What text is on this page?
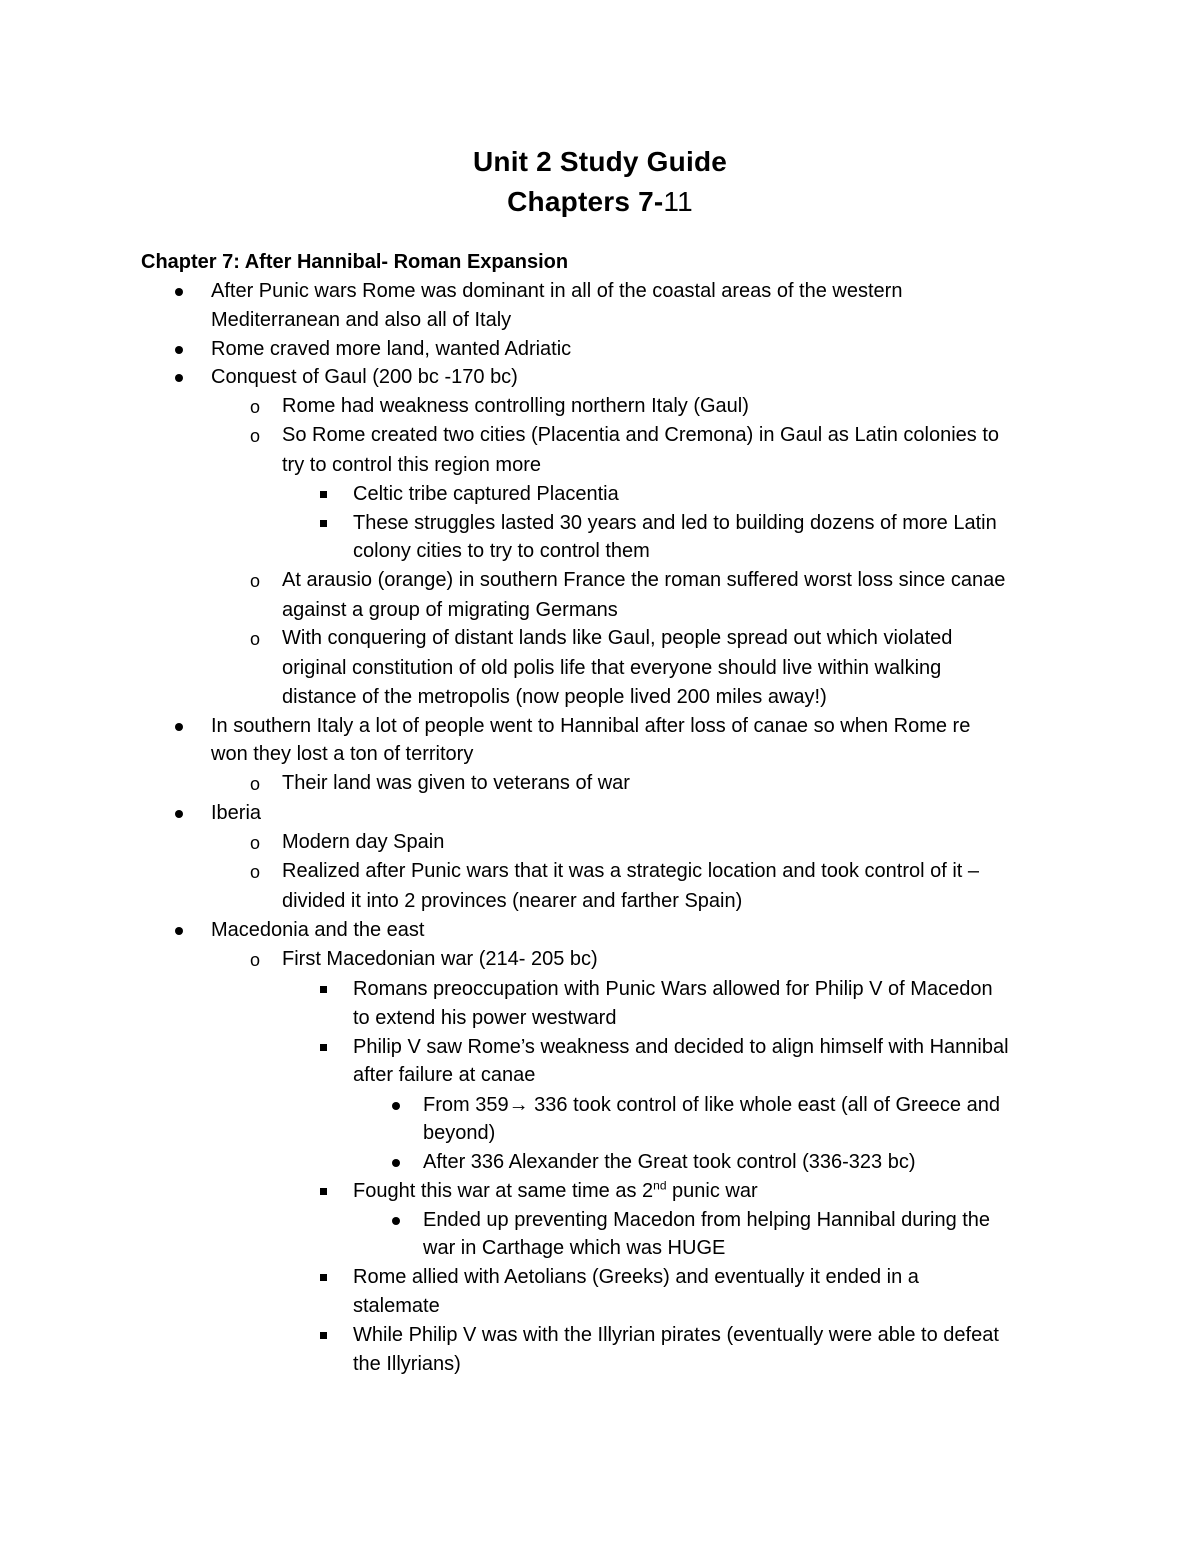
Unit 2 Study Guide
Chapters 7-11
Chapter 7: After Hannibal- Roman Expansion
After Punic wars Rome was dominant in all of the coastal areas of the western
Mediterranean and also all of Italy
Rome craved more land, wanted Adriatic
Conquest of Gaul (200 bc -170 bc)
o Rome had weakness controlling northern Italy (Gaul)
o So Rome created two cities (Placentia and Cremona) in Gaul as Latin colonies to
try to control this region more
Celtic tribe captured Placentia
These struggles lasted 30 years and led to building dozens of more Latin
colony cities to try to control them
o At arausio (orange) in southern France the roman suffered worst loss since canae
against a group of migrating Germans
o With conquering of distant lands like Gaul, people spread out which violated
original constitution of old polis life that everyone should live within walking
distance of the metropolis (now people lived 200 miles away!)
In southern Italy a lot of people went to Hannibal after loss of canae so when Rome re
won they lost a ton of territory
o Their land was given to veterans of war
Iberia
o Modern day Spain
o Realized after Punic wars that it was a strategic location and took control of it –
divided it into 2 provinces (nearer and farther Spain)
Macedonia and the east
o First Macedonian war (214- 205 bc)
Romans preoccupation with Punic Wars allowed for Philip V of Macedon
to extend his power westward
Philip V saw Rome’s weakness and decided to align himself with Hannibal
after failure at canae
From 359→ 336 took control of like whole east (all of Greece and
beyond)
After 336 Alexander the Great took control (336-323 bc)
Fought this war at same time as 2nd punic war
Ended up preventing Macedon from helping Hannibal during the
war in Carthage which was HUGE
Rome allied with Aetolians (Greeks) and eventually it ended in a
stalemate
While Philip V was with the Illyrian pirates (eventually were able to defeat
the Illyrians)
